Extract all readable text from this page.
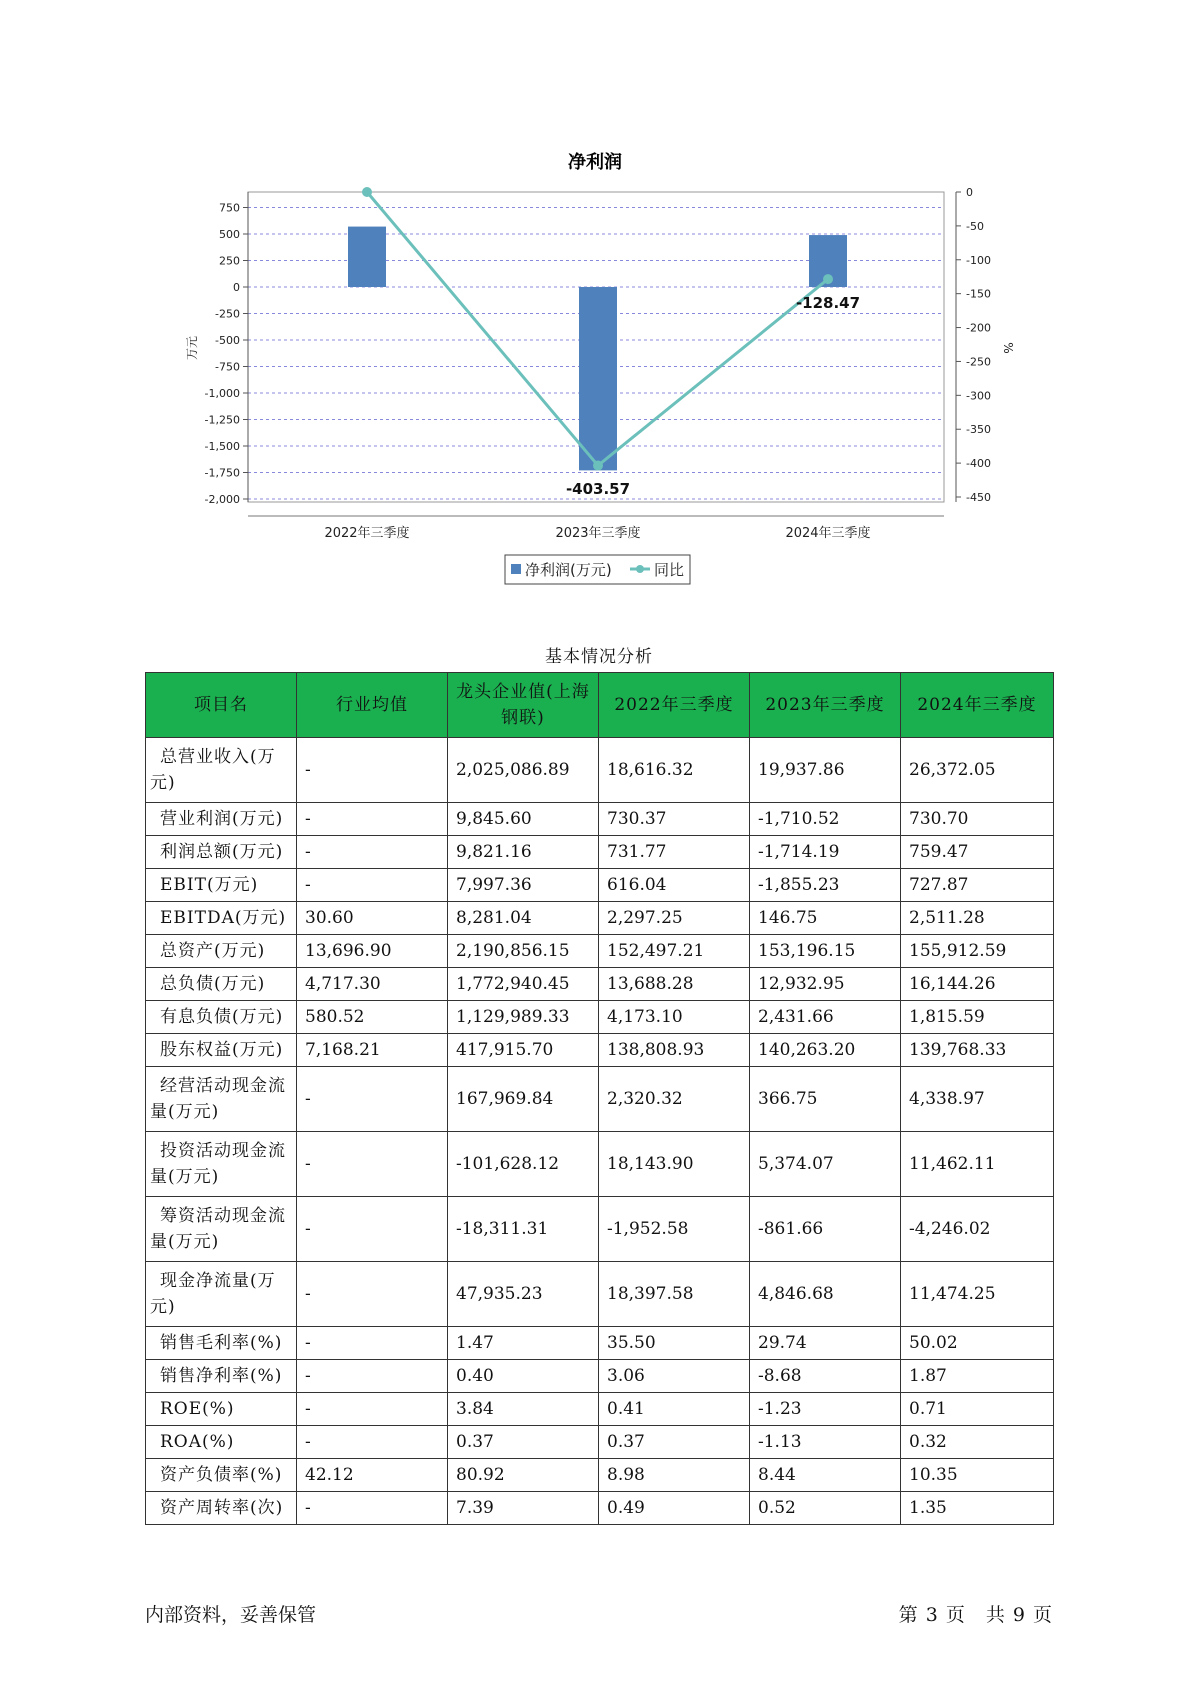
净利润
750
500
250
0
-250
-500
-750
-1,000
-1,250
-1,500
-1,750
-2,000
0
-50
-100
-150
-200
-250
-300
-350
-400
-450
万元	%
2022年三季度	2023年三季度	2024年三季度
-403.57
-128.47
净利润(万元)	同比
基本情况分析
项目名	行业均值	龙头企业值(上海钢联)	2022年三季度	2023年三季度	2024年三季度
总营业收入(万元)	-	2,025,086.89	18,616.32	19,937.86	26,372.05
营业利润(万元)	-	9,845.60	730.37	-1,710.52	730.70
利润总额(万元)	-	9,821.16	731.77	-1,714.19	759.47
EBIT(万元)	-	7,997.36	616.04	-1,855.23	727.87
EBITDA(万元)	30.60	8,281.04	2,297.25	146.75	2,511.28
总资产(万元)	13,696.90	2,190,856.15	152,497.21	153,196.15	155,912.59
总负债(万元)	4,717.30	1,772,940.45	13,688.28	12,932.95	16,144.26
有息负债(万元)	580.52	1,129,989.33	4,173.10	2,431.66	1,815.59
股东权益(万元)	7,168.21	417,915.70	138,808.93	140,263.20	139,768.33
经营活动现金流量(万元)	-	167,969.84	2,320.32	366.75	4,338.97
投资活动现金流量(万元)	-	-101,628.12	18,143.90	5,374.07	11,462.11
筹资活动现金流量(万元)	-	-18,311.31	-1,952.58	-861.66	-4,246.02
现金净流量(万元)	-	47,935.23	18,397.58	4,846.68	11,474.25
销售毛利率(%)	-	1.47	35.50	29.74	50.02
销售净利率(%)	-	0.40	3.06	-8.68	1.87
ROE(%)	-	3.84	0.41	-1.23	0.71
ROA(%)	-	0.37	0.37	-1.13	0.32
资产负债率(%)	42.12	80.92	8.98	8.44	10.35
资产周转率(次)	-	7.39	0.49	0.52	1.35
内部资料，妥善保管	第 3 页　共 9 页
